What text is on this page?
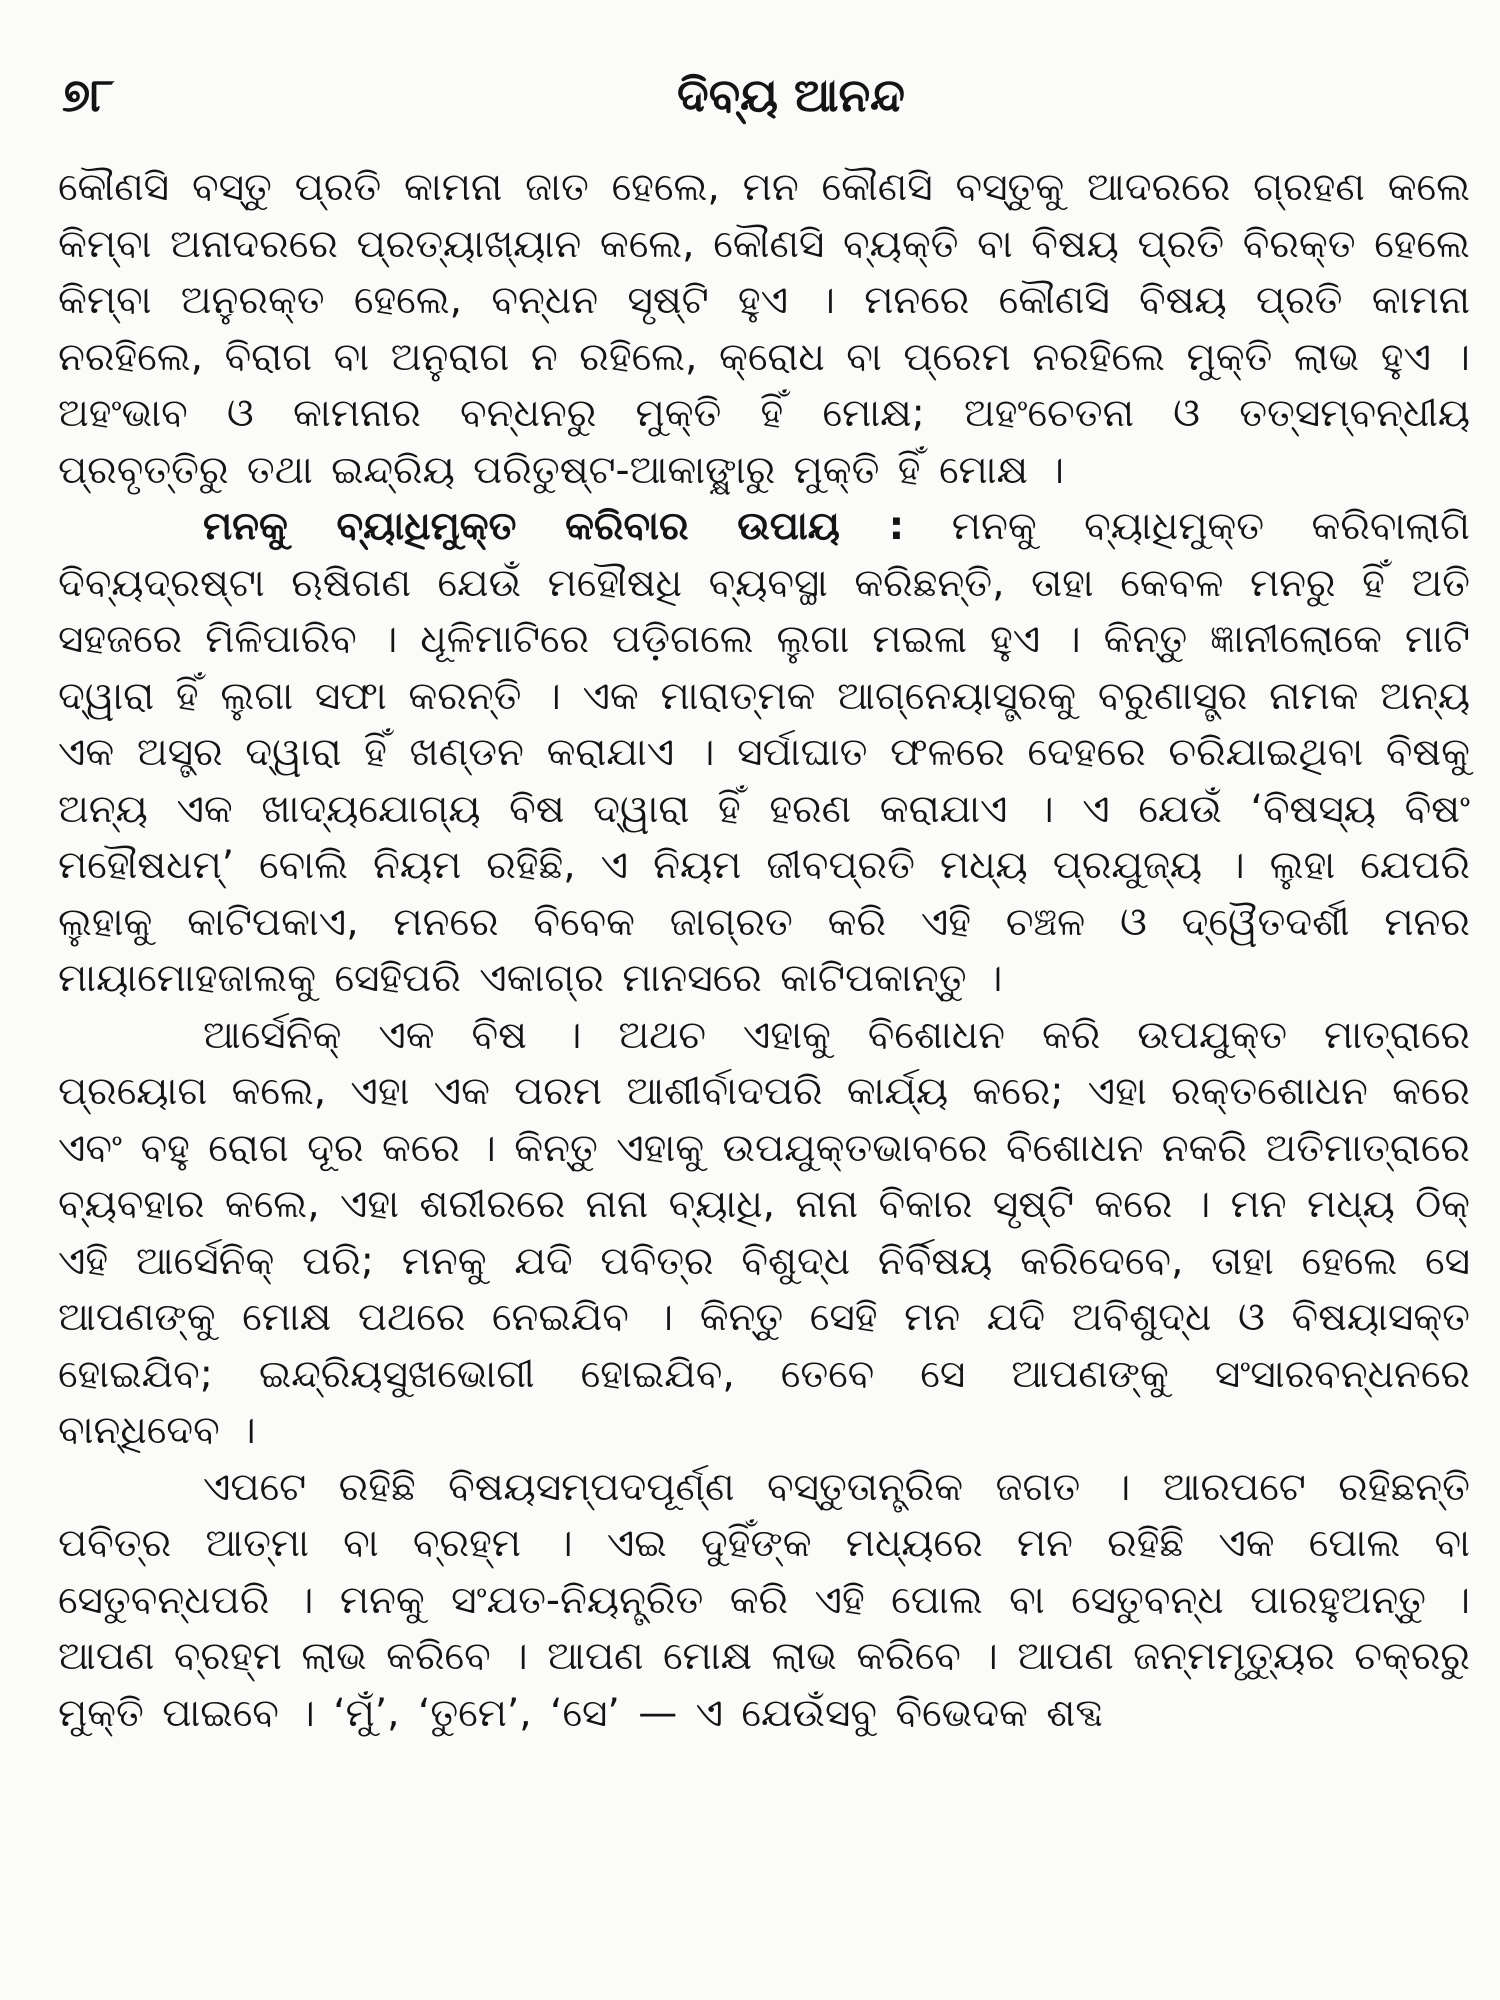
୭୮	ଦିବ୍ୟ ଆନନ୍ଦ

କୌଣସି ବସ୍ତୁ ପ୍ରତି କାମନା ଜାତ ହେଲେ, ମନ କୌଣସି ବସ୍ତୁକୁ ଆଦରରେ ଗ୍ରହଣ କଲେ କିମ୍ବା ଅନାଦରରେ ପ୍ରତ୍ୟାଖ୍ୟାନ କଲେ, କୌଣସି ବ୍ୟକ୍ତି ବା ବିଷୟ ପ୍ରତି ବିରକ୍ତ ହେଲେ କିମ୍ବା ଅନୁରକ୍ତ ହେଲେ, ବନ୍ଧନ ସୃଷ୍ଟି ହୁଏ । ମନରେ କୌଣସି ବିଷୟ ପ୍ରତି କାମନା ନରହିଲେ, ବିରାଗ ବା ଅନୁରାଗ ନ ରହିଲେ, କ୍ରୋଧ ବା ପ୍ରେମ ନରହିଲେ ମୁକ୍ତି ଲାଭ ହୁଏ । ଅହଂଭାବ ଓ କାମନାର ବନ୍ଧନରୁ ମୁକ୍ତି ହିଁ ମୋକ୍ଷ; ଅହଂଚେତନା ଓ ତତ୍‌ସମ୍ବନ୍ଧୀୟ ପ୍ରବୃତ୍ତିରୁ ତଥା ଇନ୍ଦ୍ରିୟ ପରିତୁଷ୍ଟ-ଆକାଙ୍କ୍ଷାରୁ ମୁକ୍ତି ହିଁ ମୋକ୍ଷ ।

ମନକୁ ବ୍ୟାଧିମୁକ୍ତ କରିବାର ଉପାୟ : ମନକୁ ବ୍ୟାଧିମୁକ୍ତ କରିବାଲାଗି ଦିବ୍ୟଦ୍ରଷ୍ଟା ଋଷିଗଣ ଯେଉଁ ମହୌଷଧି ବ୍ୟବସ୍ଥା କରିଛନ୍ତି, ତାହା କେବଳ ମନରୁ ହିଁ ଅତି ସହଜରେ ମିଳିପାରିବ । ଧୂଳିମାଟିରେ ପଡ଼ିଗଲେ ଲୁଗା ମଇଳା ହୁଏ । କିନ୍ତୁ ଜ୍ଞାନୀଲୋକେ ମାଟି ଦ୍ୱାରା ହିଁ ଲୁଗା ସଫା କରନ୍ତି । ଏକ ମାରାତ୍ମକ ଆଗ୍ନେୟାସ୍ତ୍ରକୁ ବରୁଣାସ୍ତ୍ର ନାମକ ଅନ୍ୟ ଏକ ଅସ୍ତ୍ର ଦ୍ୱାରା ହିଁ ଖଣ୍ଡନ କରାଯାଏ । ସର୍ପାଘାତ ଫଳରେ ଦେହରେ ଚରିଯାଇଥିବା ବିଷକୁ ଅନ୍ୟ ଏକ ଖାଦ୍ୟଯୋଗ୍ୟ ବିଷ ଦ୍ୱାରା ହିଁ ହରଣ କରାଯାଏ । ଏ ଯେଉଁ ‘ବିଷସ୍ୟ ବିଷଂ ମହୌଷଧମ୍’ ବୋଲି ନିୟମ ରହିଛି, ଏ ନିୟମ ଜୀବପ୍ରତି ମଧ୍ୟ ପ୍ରଯୁଜ୍ୟ । ଲୁହା ଯେପରି ଲୁହାକୁ କାଟିପକାଏ, ମନରେ ବିବେକ ଜାଗ୍ରତ କରି ଏହି ଚଞ୍ଚଳ ଓ ଦ୍ୱୈତଦର୍ଶୀ ମନର ମାୟାମୋହଜାଲକୁ ସେହିପରି ଏକାଗ୍ର ମାନସରେ କାଟିପକାନ୍ତୁ ।

ଆର୍ସେନିକ୍ ଏକ ବିଷ । ଅଥଚ ଏହାକୁ ବିଶୋଧନ କରି ଉପଯୁକ୍ତ ମାତ୍ରାରେ ପ୍ରୟୋଗ କଲେ, ଏହା ଏକ ପରମ ଆଶୀର୍ବାଦପରି କାର୍ଯ୍ୟ କରେ; ଏହା ରକ୍ତଶୋଧନ କରେ ଏବଂ ବହୁ ରୋଗ ଦୂର କରେ । କିନ୍ତୁ ଏହାକୁ ଉପଯୁକ୍ତଭାବରେ ବିଶୋଧନ ନକରି ଅତିମାତ୍ରାରେ ବ୍ୟବହାର କଲେ, ଏହା ଶରୀରରେ ନାନା ବ୍ୟାଧି, ନାନା ବିକାର ସୃଷ୍ଟି କରେ । ମନ ମଧ୍ୟ ଠିକ୍ ଏହି ଆର୍ସେନିକ୍ ପରି; ମନକୁ ଯଦି ପବିତ୍ର ବିଶୁଦ୍ଧ ନିର୍ବିଷୟ କରିଦେବେ, ତାହା ହେଲେ ସେ ଆପଣଙ୍କୁ ମୋକ୍ଷ ପଥରେ ନେଇଯିବ । କିନ୍ତୁ ସେହି ମନ ଯଦି ଅବିଶୁଦ୍ଧ ଓ ବିଷୟାସକ୍ତ ହୋଇଯିବ; ଇନ୍ଦ୍ରିୟସୁଖଭୋଗୀ ହୋଇଯିବ, ତେବେ ସେ ଆପଣଙ୍କୁ ସଂସାରବନ୍ଧନରେ ବାନ୍ଧିଦେବ ।

ଏପଟେ ରହିଛି ବିଷୟସମ୍ପଦପୂର୍ଣ୍ଣ ବସ୍ତୁତାନ୍ତ୍ରିକ ଜଗତ । ଆରପଟେ ରହିଛନ୍ତି ପବିତ୍ର ଆତ୍ମା ବା ବ୍ରହ୍ମ । ଏଇ ଦୁହିଁଙ୍କ ମଧ୍ୟରେ ମନ ରହିଛି ଏକ ପୋଲ ବା ସେତୁବନ୍ଧପରି । ମନକୁ ସଂଯତ-ନିୟନ୍ତ୍ରିତ କରି ଏହି ପୋଲ ବା ସେତୁବନ୍ଧ ପାରହୁଅନ୍ତୁ । ଆପଣ ବ୍ରହ୍ମ ଲାଭ କରିବେ । ଆପଣ ମୋକ୍ଷ ଲାଭ କରିବେ । ଆପଣ ଜନ୍ମମୃତ୍ୟୁର ଚକ୍ରରୁ ମୁକ୍ତି ପାଇବେ । ‘ମୁଁ’, ‘ତୁମେ’, ‘ସେ’ — ଏ ଯେଉଁସବୁ ବିଭେଦକ ଶବ୍ଦ
